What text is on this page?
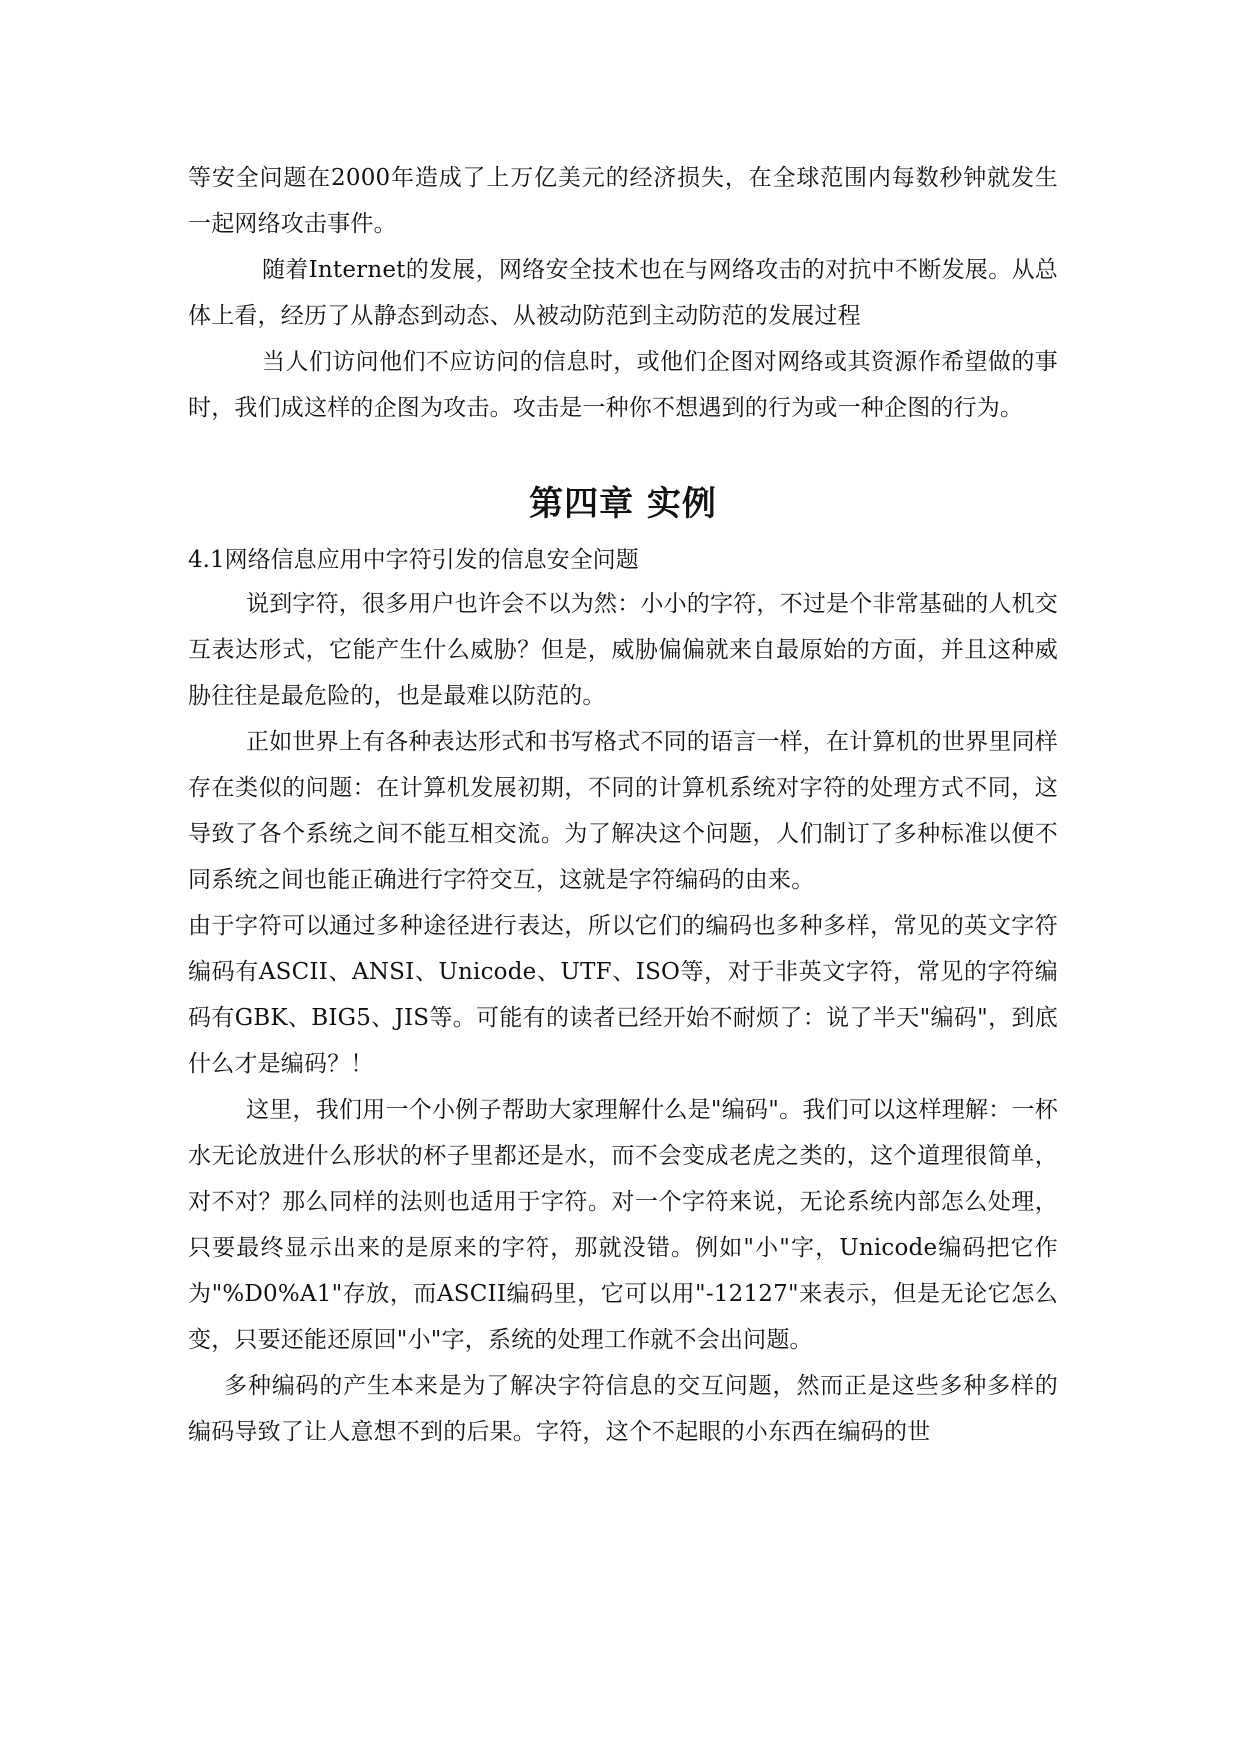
等安全问题在2000年造成了上万亿美元的经济损失，在全球范围内每数秒钟就发生一起网络攻击事件。

随着Internet的发展，网络安全技术也在与网络攻击的对抗中不断发展。从总体上看，经历了从静态到动态、从被动防范到主动防范的发展过程

当人们访问他们不应访问的信息时，或他们企图对网络或其资源作希望做的事时，我们成这样的企图为攻击。攻击是一种你不想遇到的行为或一种企图的行为。

第四章 实例
4.1网络信息应用中字符引发的信息安全问题

说到字符，很多用户也许会不以为然：小小的字符，不过是个非常基础的人机交互表达形式，它能产生什么威胁？但是，威胁偏偏就来自最原始的方面，并且这种威胁往往是最危险的，也是最难以防范的。

正如世界上有各种表达形式和书写格式不同的语言一样，在计算机的世界里同样存在类似的问题：在计算机发展初期，不同的计算机系统对字符的处理方式不同，这导致了各个系统之间不能互相交流。为了解决这个问题，人们制订了多种标准以便不同系统之间也能正确进行字符交互，这就是字符编码的由来。

由于字符可以通过多种途径进行表达，所以它们的编码也多种多样，常见的英文字符编码有ASCII、ANSI、Unicode、UTF、ISO等，对于非英文字符，常见的字符编码有GBK、BIG5、JIS等。可能有的读者已经开始不耐烦了：说了半天"编码"，到底什么才是编码？！

这里，我们用一个小例子帮助大家理解什么是"编码"。我们可以这样理解：一杯水无论放进什么形状的杯子里都还是水，而不会变成老虎之类的，这个道理很简单，对不对？那么同样的法则也适用于字符。对一个字符来说，无论系统内部怎么处理，只要最终显示出来的是原来的字符，那就没错。例如"小"字，Unicode编码把它作为"%D0%A1"存放，而ASCII编码里，它可以用"-12127"来表示，但是无论它怎么变，只要还能还原回"小"字，系统的处理工作就不会出问题。

多种编码的产生本来是为了解决字符信息的交互问题，然而正是这些多种多样的编码导致了让人意想不到的后果。字符，这个不起眼的小东西在编码的世
